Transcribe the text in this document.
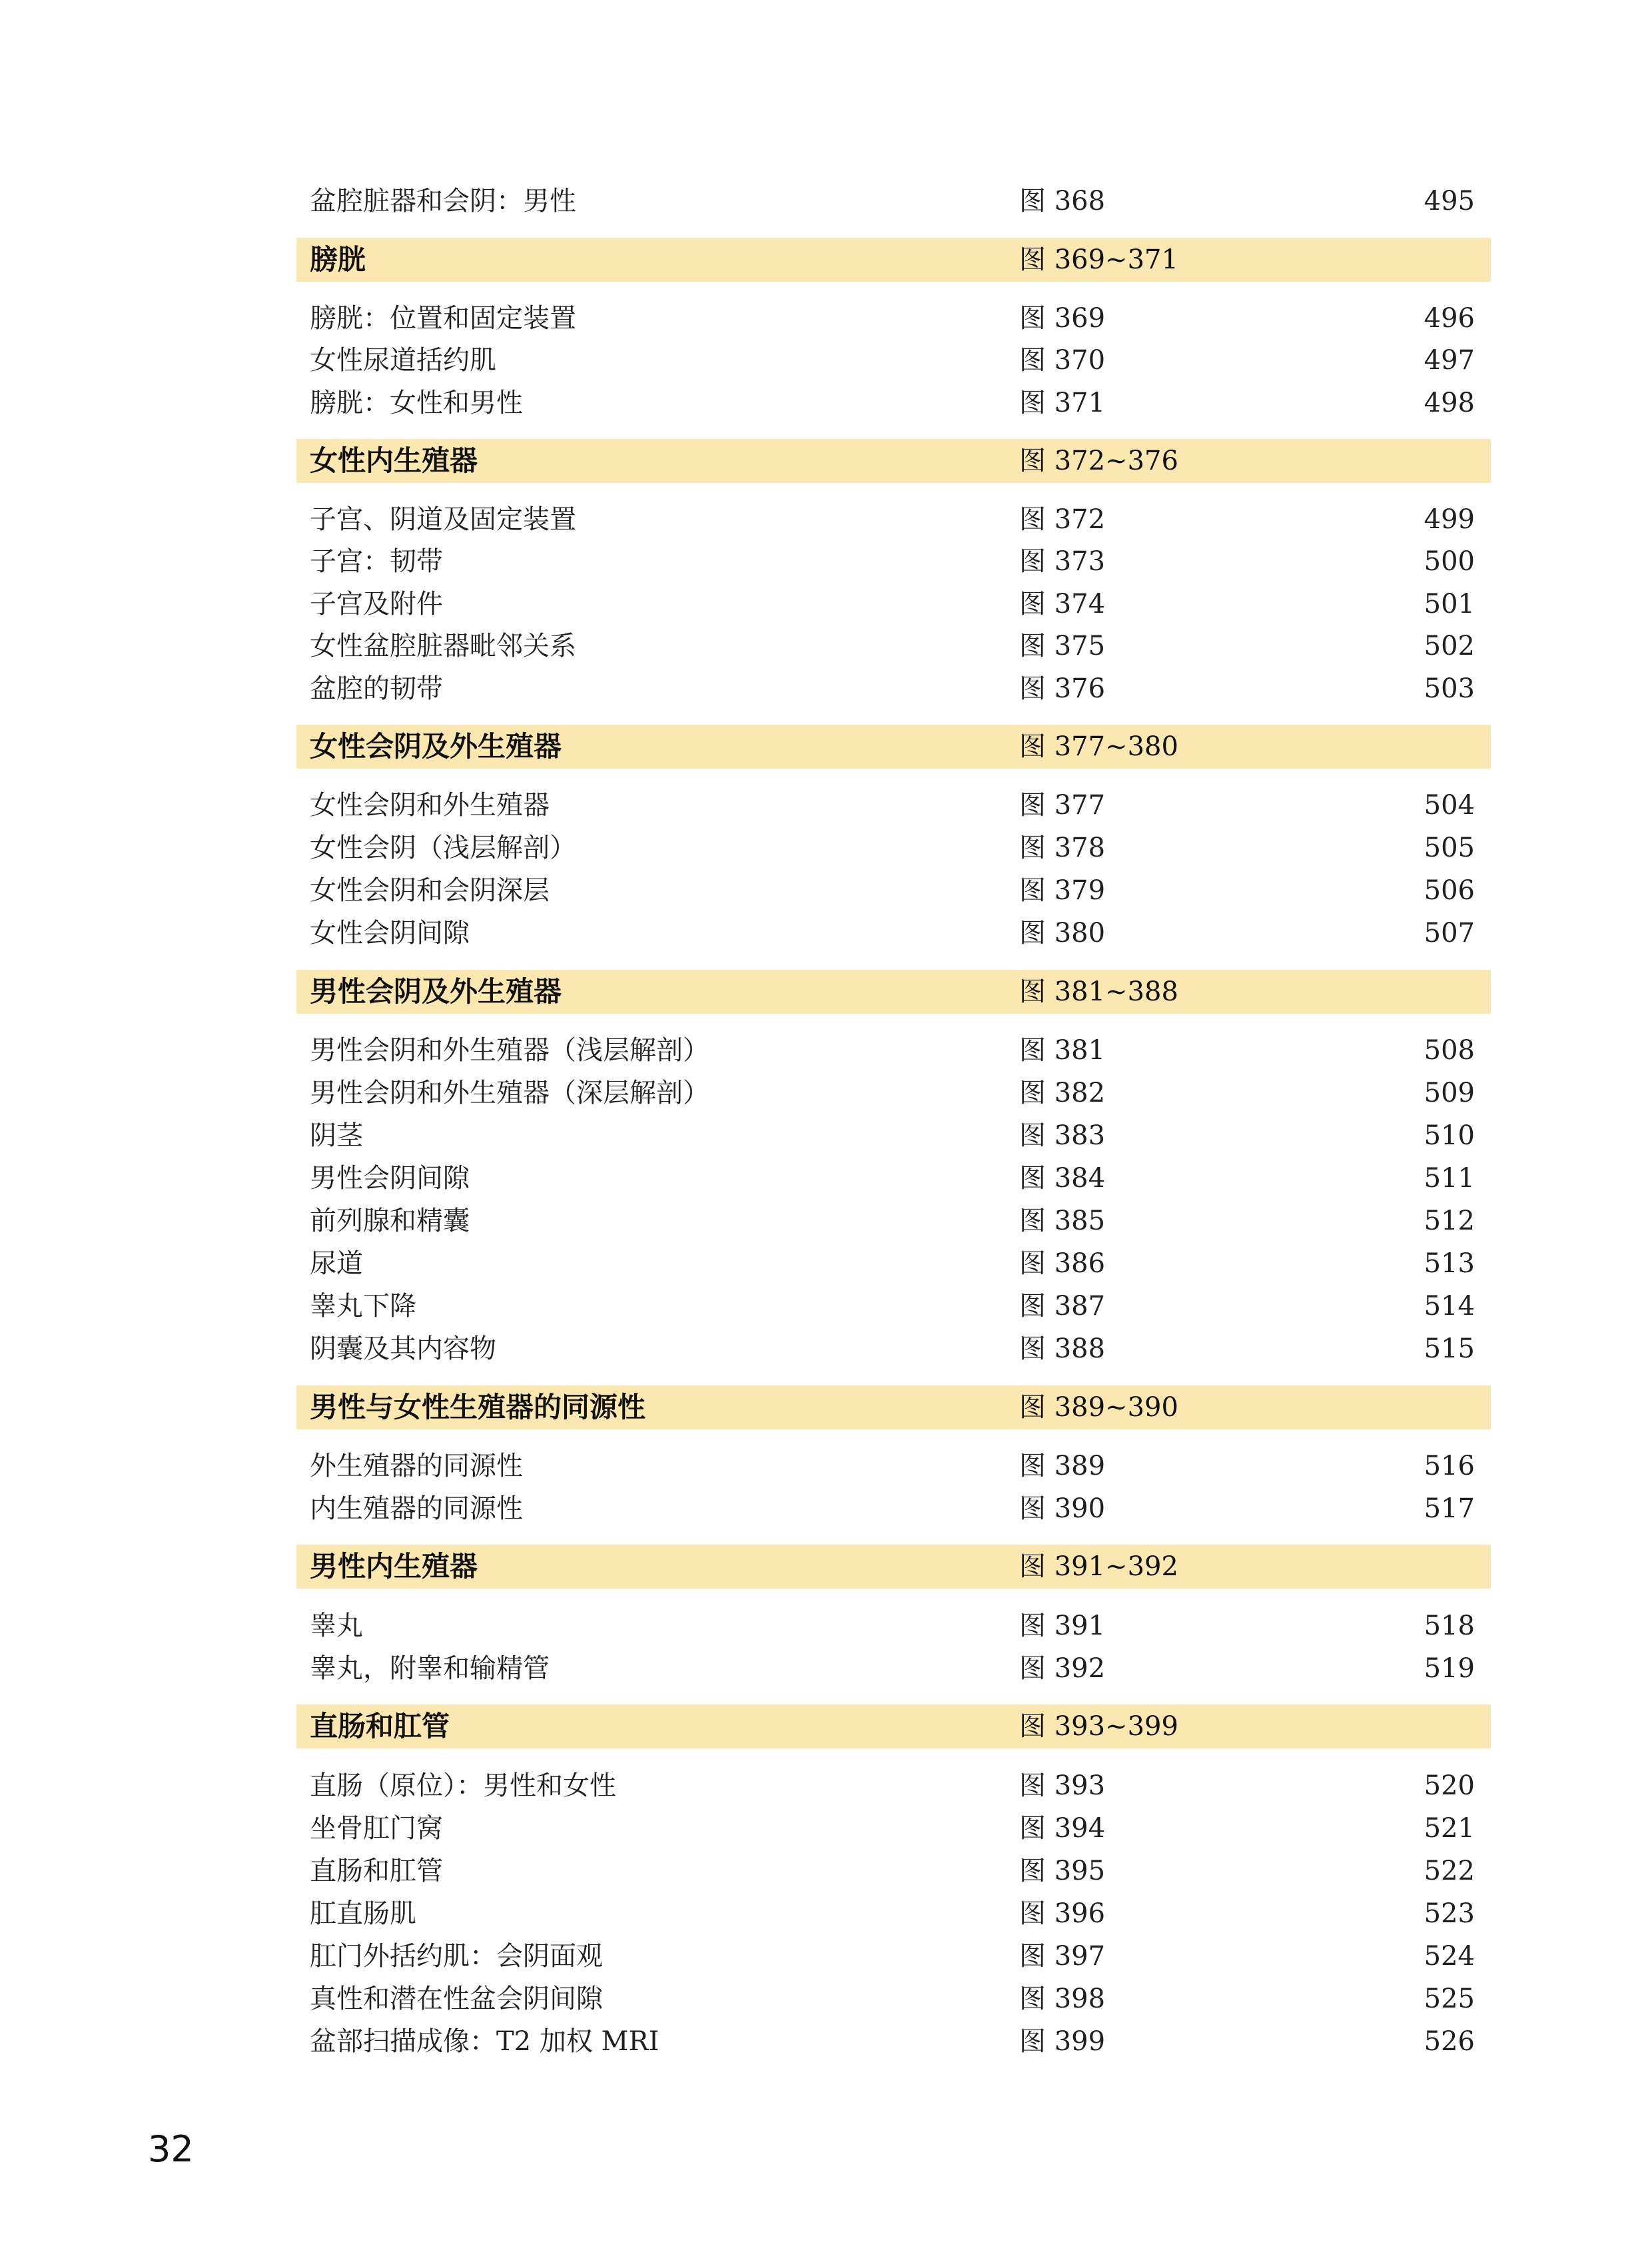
盆腔脏器和会阴：男性	图 368	495
膀胱	图 369~371
膀胱：位置和固定装置	图 369	496
女性尿道括约肌	图 370	497
膀胱：女性和男性	图 371	498
女性内生殖器	图 372~376
子宫、阴道及固定装置	图 372	499
子宫：韧带	图 373	500
子宫及附件	图 374	501
女性盆腔脏器毗邻关系	图 375	502
盆腔的韧带	图 376	503
女性会阴及外生殖器	图 377~380
女性会阴和外生殖器	图 377	504
女性会阴（浅层解剖）	图 378	505
女性会阴和会阴深层	图 379	506
女性会阴间隙	图 380	507
男性会阴及外生殖器	图 381~388
男性会阴和外生殖器（浅层解剖）	图 381	508
男性会阴和外生殖器（深层解剖）	图 382	509
阴茎	图 383	510
男性会阴间隙	图 384	511
前列腺和精囊	图 385	512
尿道	图 386	513
睾丸下降	图 387	514
阴囊及其内容物	图 388	515
男性与女性生殖器的同源性	图 389~390
外生殖器的同源性	图 389	516
内生殖器的同源性	图 390	517
男性内生殖器	图 391~392
睾丸	图 391	518
睾丸，附睾和输精管	图 392	519
直肠和肛管	图 393~399
直肠（原位）：男性和女性	图 393	520
坐骨肛门窝	图 394	521
直肠和肛管	图 395	522
肛直肠肌	图 396	523
肛门外括约肌：会阴面观	图 397	524
真性和潜在性盆会阴间隙	图 398	525
盆部扫描成像：T2 加权 MRI	图 399	526
32
